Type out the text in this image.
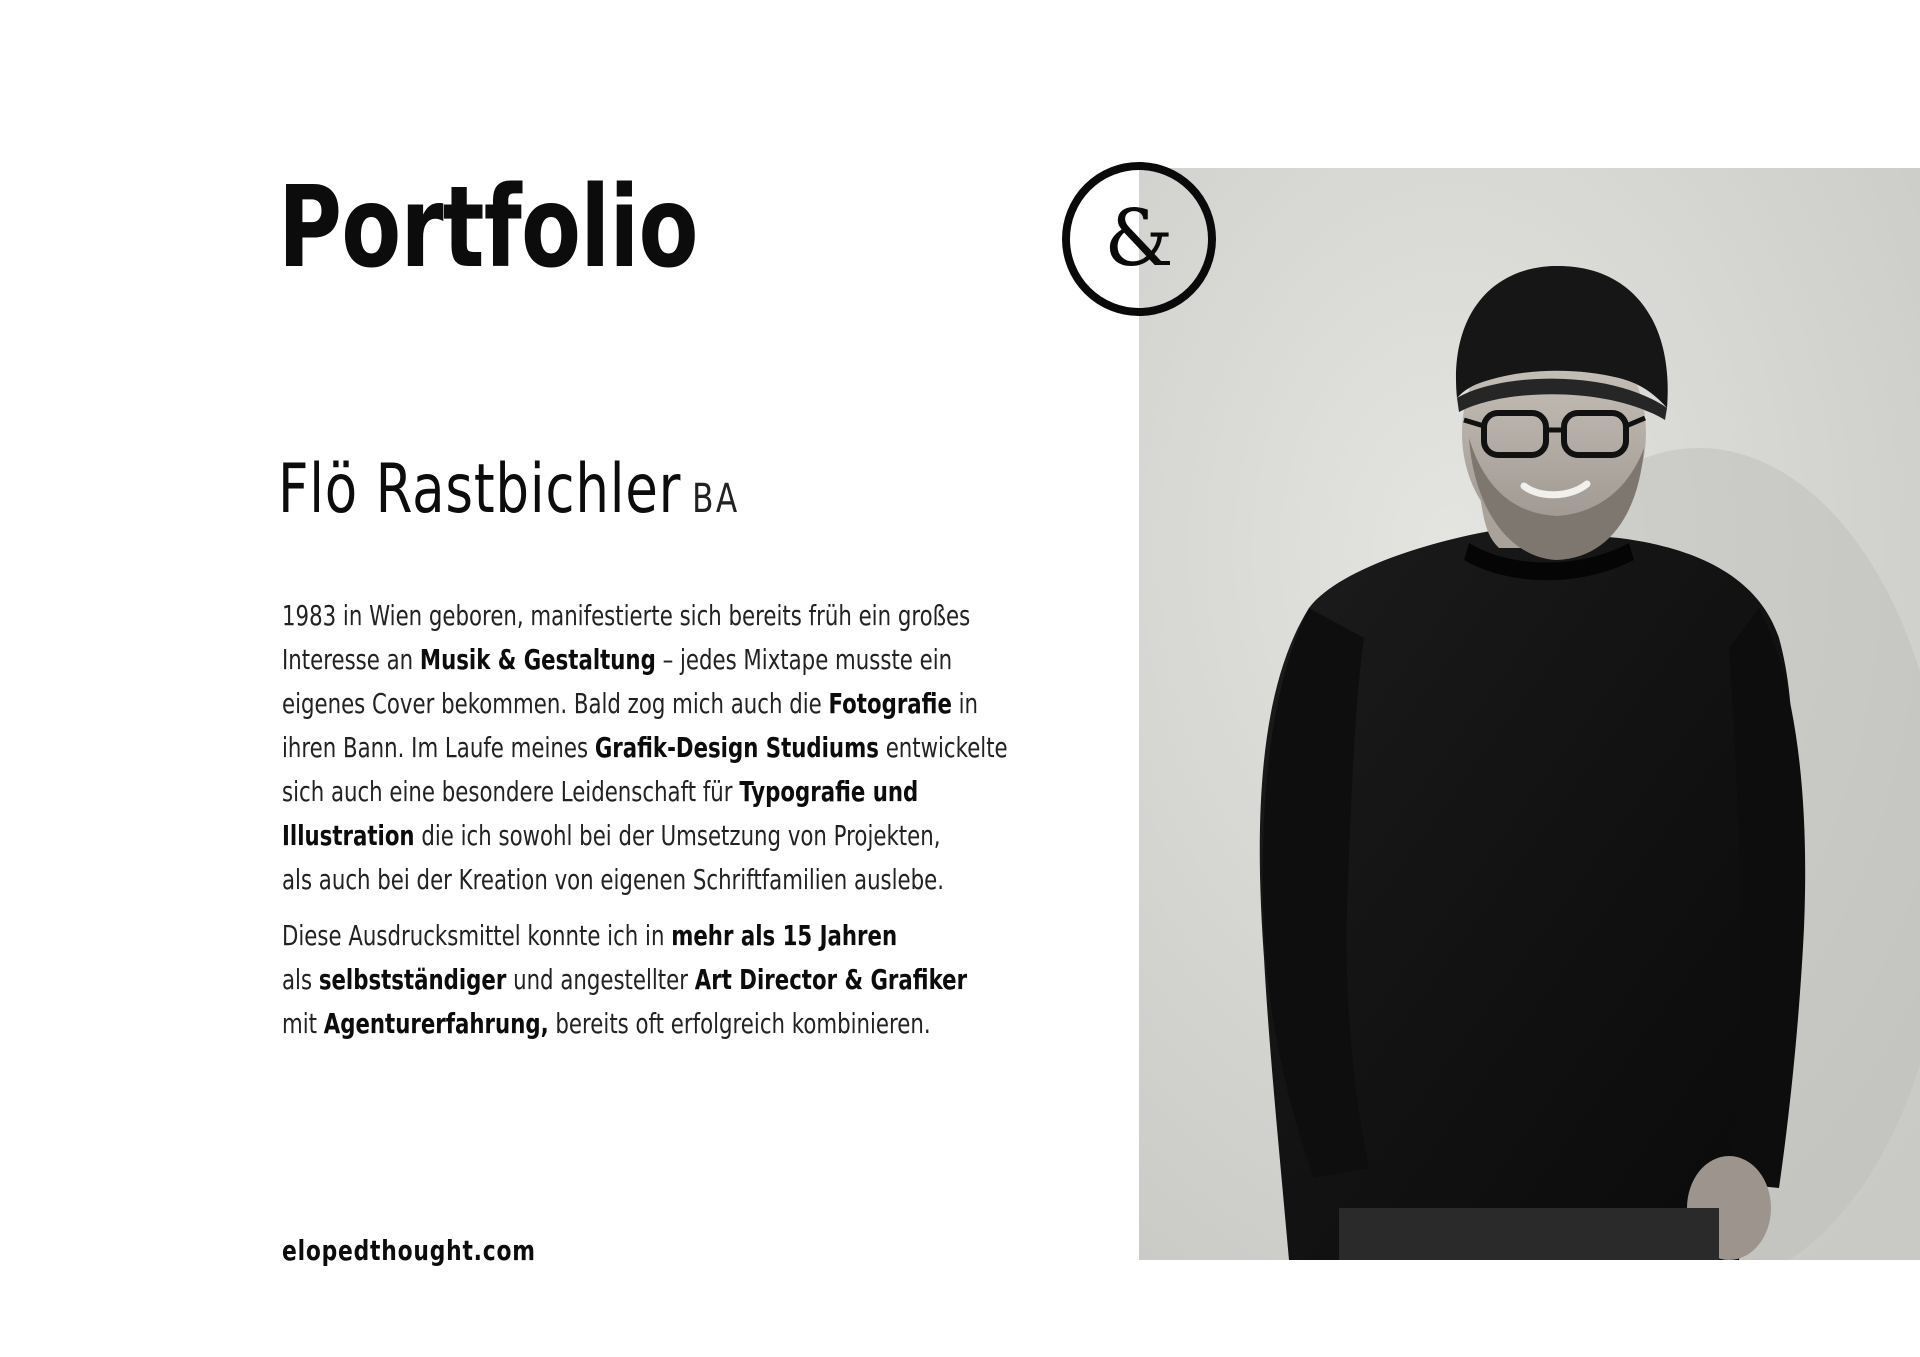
Portfolio
Flö Rastbichler BA

1983 in Wien geboren, manifestierte sich bereits früh ein großes
Interesse an Musik & Gestaltung – jedes Mixtape musste ein
eigenes Cover bekommen. Bald zog mich auch die Fotografie in
ihren Bann. Im Laufe meines Grafik-Design Studiums entwickelte
sich auch eine besondere Leidenschaft für Typografie und
Illustration die ich sowohl bei der Umsetzung von Projekten,
als auch bei der Kreation von eigenen Schriftfamilien auslebe.

Diese Ausdrucksmittel konnte ich in mehr als 15 Jahren
als selbstständiger und angestellter Art Director & Grafiker
mit Agenturerfahrung, bereits oft erfolgreich kombinieren.

elopedthought.com
&
